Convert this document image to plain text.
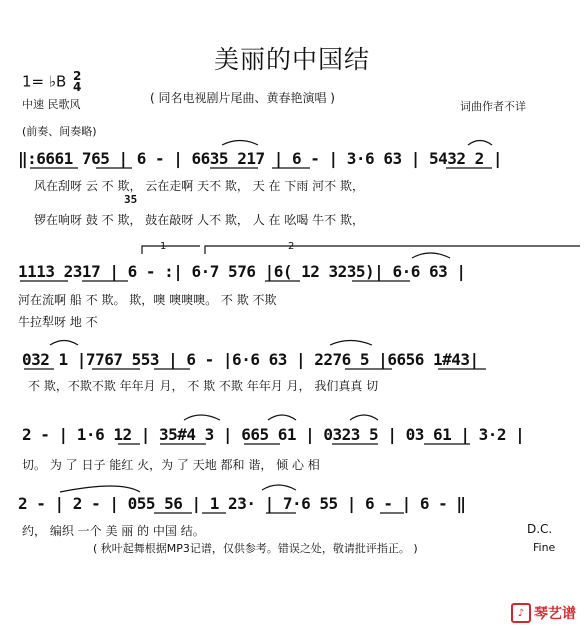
美丽的中国结
1= ♭B 2
4
中速 民歌风	( 同名电视剧片尾曲、黄春艳演唱 )
词曲作者不详
(前奏、间奏略)
‖:6661 765 | 6 - | 6635 217 | 6 - | 3·6 63 | 5432 2 |
风在刮呀 云 不 欺， 云在走啊 天不 欺， 天 在 下雨 河不 欺，
35
锣在响呀 鼓 不 欺， 鼓在敲呀 人不 欺， 人 在 吆喝 牛不 欺，
1	2
1113 2317 | 6 - :| 6·7 576 |6( 12 3235)| 6·6 63 |
河在流啊 船 不 欺。 欺，噢 噢噢噢。 不 欺 不欺
牛拉犁呀 地 不
032 1 |7767 553 | 6 - |6·6 63 | 2276 5 |6656 1#43|
不 欺，不欺不欺 年年月 月， 不 欺 不欺 年年月 月， 我们真真 切
2 - | 1·6 12 | 35#4 3 | 665 61 | 0323 5 | 03 61 | 3·2 |
切。 为 了 日子 能红 火，为 了 天地 都和 谐， 倾 心 相
2 - | 2 - | 055 56 | 1 23· | 7·6 55 | 6 - | 6 - ‖
约， 编织 一个 美 丽 的 中国 结。	D.C.
Fine
( 秋叶起舞根据MP3记谱，仅供参考。错误之处，敬请批评指正。 )
♪ 琴艺谱
